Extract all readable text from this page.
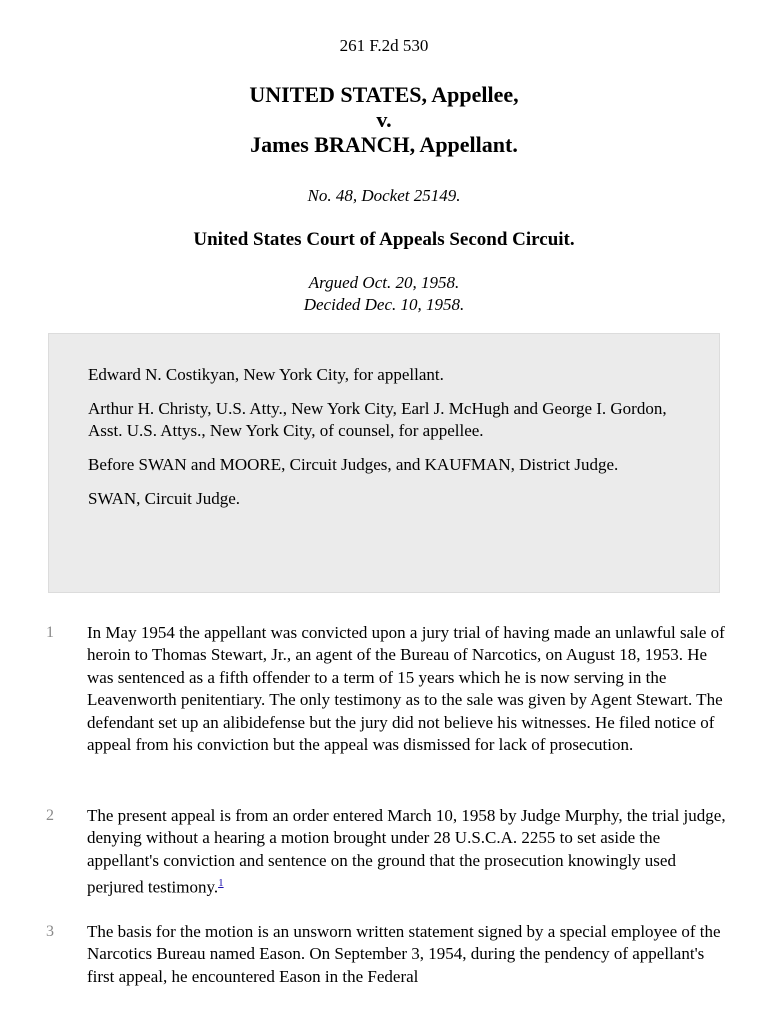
261 F.2d 530
UNITED STATES, Appellee,
v.
James BRANCH, Appellant.
No. 48, Docket 25149.
United States Court of Appeals Second Circuit.
Argued Oct. 20, 1958.
Decided Dec. 10, 1958.

Edward N. Costikyan, New York City, for appellant.

Arthur H. Christy, U.S. Atty., New York City, Earl J. McHugh and George I. Gordon, Asst. U.S. Attys., New York City, of counsel, for appellee.

Before SWAN and MOORE, Circuit Judges, and KAUFMAN, District Judge.

SWAN, Circuit Judge.

1 In May 1954 the appellant was convicted upon a jury trial of having made an unlawful sale of heroin to Thomas Stewart, Jr., an agent of the Bureau of Narcotics, on August 18, 1953. He was sentenced as a fifth offender to a term of 15 years which he is now serving in the Leavenworth penitentiary. The only testimony as to the sale was given by Agent Stewart. The defendant set up an alibidefense but the jury did not believe his witnesses. He filed notice of appeal from his conviction but the appeal was dismissed for lack of prosecution.
2 The present appeal is from an order entered March 10, 1958 by Judge Murphy, the trial judge, denying without a hearing a motion brought under 28 U.S.C.A. 2255 to set aside the appellant's conviction and sentence on the ground that the prosecution knowingly used perjured testimony.$^1$
3 The basis for the motion is an unsworn written statement signed by a special employee of the Narcotics Bureau named Eason. On September 3, 1954, during the pendency of appellant's first appeal, he encountered Eason in the Federal
